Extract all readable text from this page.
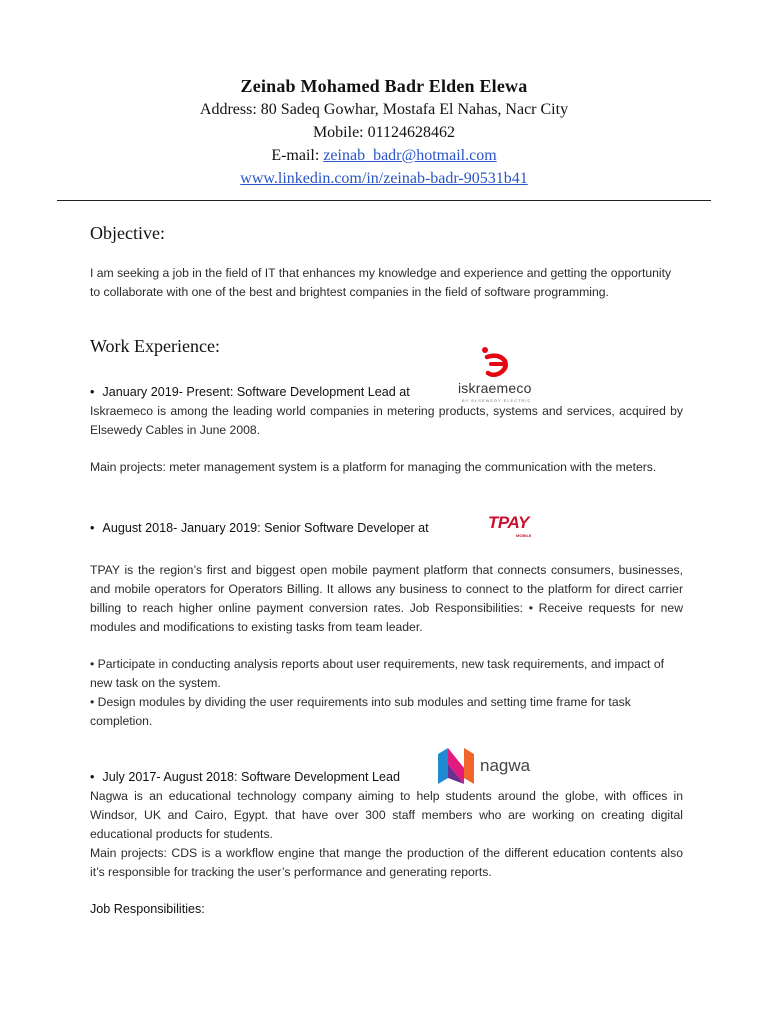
Zeinab Mohamed Badr Elden Elewa
Address: 80 Sadeq Gowhar, Mostafa El Nahas, Nacr City
Mobile: 01124628462
E-mail: zeinab_badr@hotmail.com
www.linkedin.com/in/zeinab-badr-90531b41
Objective:
I am seeking a job in the field of IT that enhances my knowledge and experience and getting the opportunity to collaborate with one of the best and brightest companies in the field of software programming.
Work Experience:
iskraemeco
BY ELSEWEDY ELECTRIC
• January 2019- Present: Software Development Lead at
Iskraemeco is among the leading world companies in metering products, systems and services, acquired by Elsewedy Cables in June 2008.
Main projects: meter management system is a platform for managing the communication with the meters.
TPAY
MOBILE
• August 2018- January 2019: Senior Software Developer at
TPAY is the region’s first and biggest open mobile payment platform that connects consumers, businesses, and mobile operators for Operators Billing. It allows any business to connect to the platform for direct carrier billing to reach higher online payment conversion rates. Job Responsibilities: • Receive requests for new modules and modifications to existing tasks from team leader.
• Participate in conducting analysis reports about user requirements, new task requirements, and impact of new task on the system.
• Design modules by dividing the user requirements into sub modules and setting time frame for task completion.
nagwa
• July 2017- August 2018: Software Development Lead
Nagwa is an educational technology company aiming to help students around the globe, with offices in Windsor, UK and Cairo, Egypt. that have over 300 staff members who are working on creating digital educational products for students.
Main projects: CDS is a workflow engine that mange the production of the different education contents also it’s responsible for tracking the user’s performance and generating reports.
Job Responsibilities:
